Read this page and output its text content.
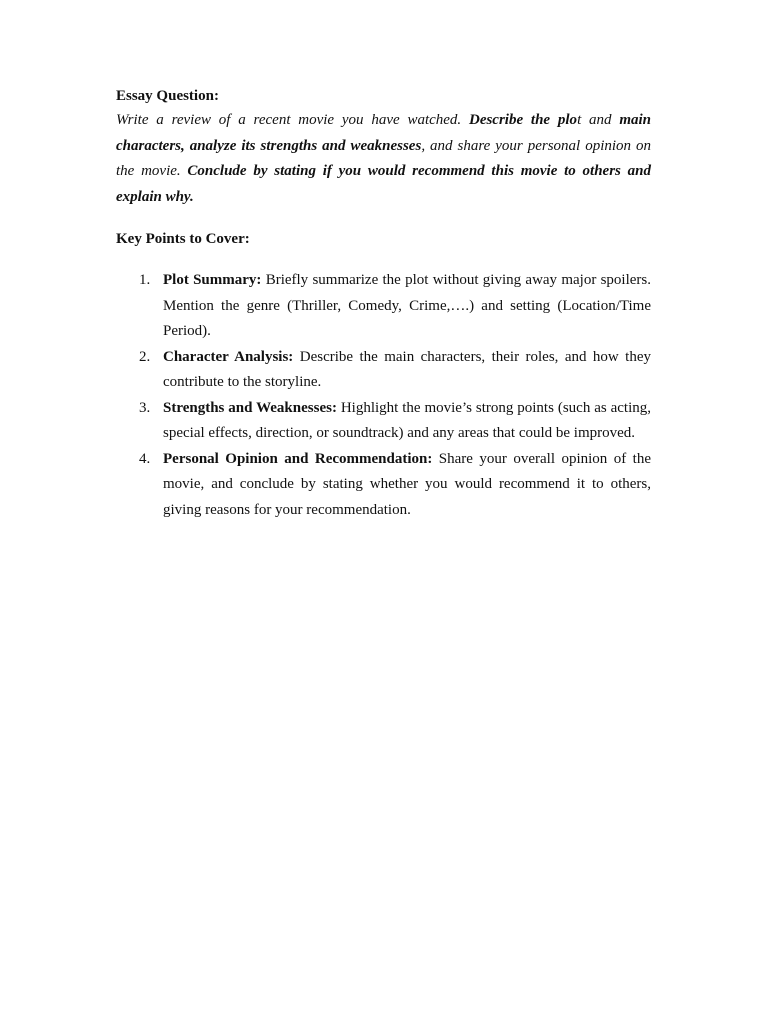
Essay Question:

Write a review of a recent movie you have watched. Describe the plot and main characters, analyze its strengths and weaknesses, and share your personal opinion on the movie. Conclude by stating if you would recommend this movie to others and explain why.

Key Points to Cover:

1. Plot Summary: Briefly summarize the plot without giving away major spoilers. Mention the genre (Thriller, Comedy, Crime,….) and setting (Location/Time Period).
2. Character Analysis: Describe the main characters, their roles, and how they contribute to the storyline.
3. Strengths and Weaknesses: Highlight the movie’s strong points (such as acting, special effects, direction, or soundtrack) and any areas that could be improved.
4. Personal Opinion and Recommendation: Share your overall opinion of the movie, and conclude by stating whether you would recommend it to others, giving reasons for your recommendation.
